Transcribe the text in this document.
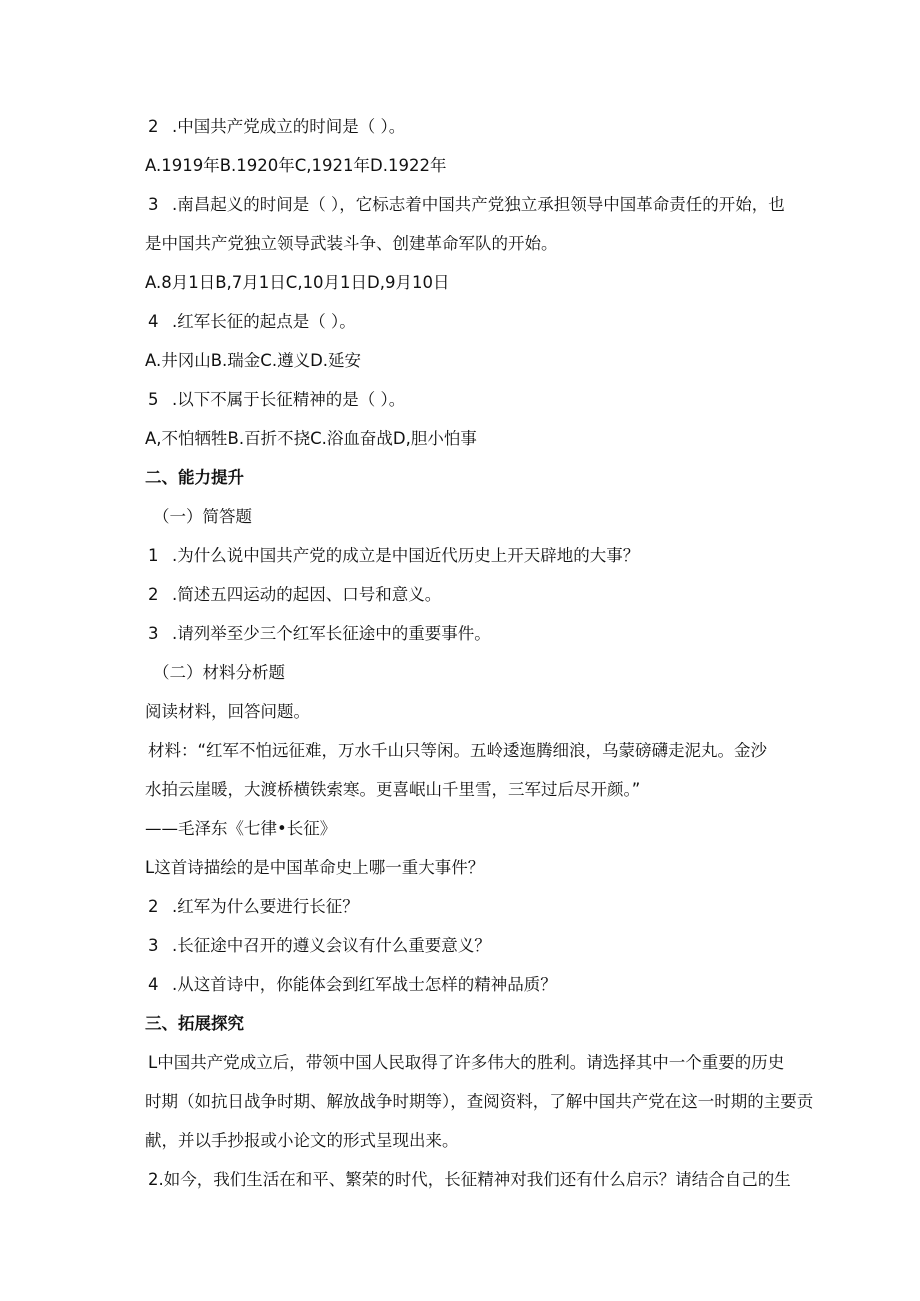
2 .中国共产党成立的时间是（ ）。
A.1919年B.1920年C,1921年D.1922年
3 .南昌起义的时间是（ ），它标志着中国共产党独立承担领导中国革命责任的开始，也
是中国共产党独立领导武装斗争、创建革命军队的开始。
A.8月1日B,7月1日C,10月1日D,9月10日
4 .红军长征的起点是（ ）。
A.井冈山B.瑞金C.遵义D.延安
5 .以下不属于长征精神的是（ ）。
A,不怕牺牲B.百折不挠C.浴血奋战D,胆小怕事
二、能力提升
（一）简答题
1 .为什么说中国共产党的成立是中国近代历史上开天辟地的大事？
2 .简述五四运动的起因、口号和意义。
3 .请列举至少三个红军长征途中的重要事件。
（二）材料分析题
阅读材料，回答问题。
材料：“红军不怕远征难，万水千山只等闲。五岭逶迤腾细浪，乌蒙磅礴走泥丸。金沙
水拍云崖暖，大渡桥横铁索寒。更喜岷山千里雪，三军过后尽开颜。”
——毛泽东《七律•长征》
L这首诗描绘的是中国革命史上哪一重大事件？
2 .红军为什么要进行长征？
3 .长征途中召开的遵义会议有什么重要意义？
4 .从这首诗中，你能体会到红军战士怎样的精神品质？
三、拓展探究
L中国共产党成立后，带领中国人民取得了许多伟大的胜利。请选择其中一个重要的历史
时期（如抗日战争时期、解放战争时期等），查阅资料，了解中国共产党在这一时期的主要贡
献，并以手抄报或小论文的形式呈现出来。
2.如今，我们生活在和平、繁荣的时代，长征精神对我们还有什么启示？请结合自己的生
